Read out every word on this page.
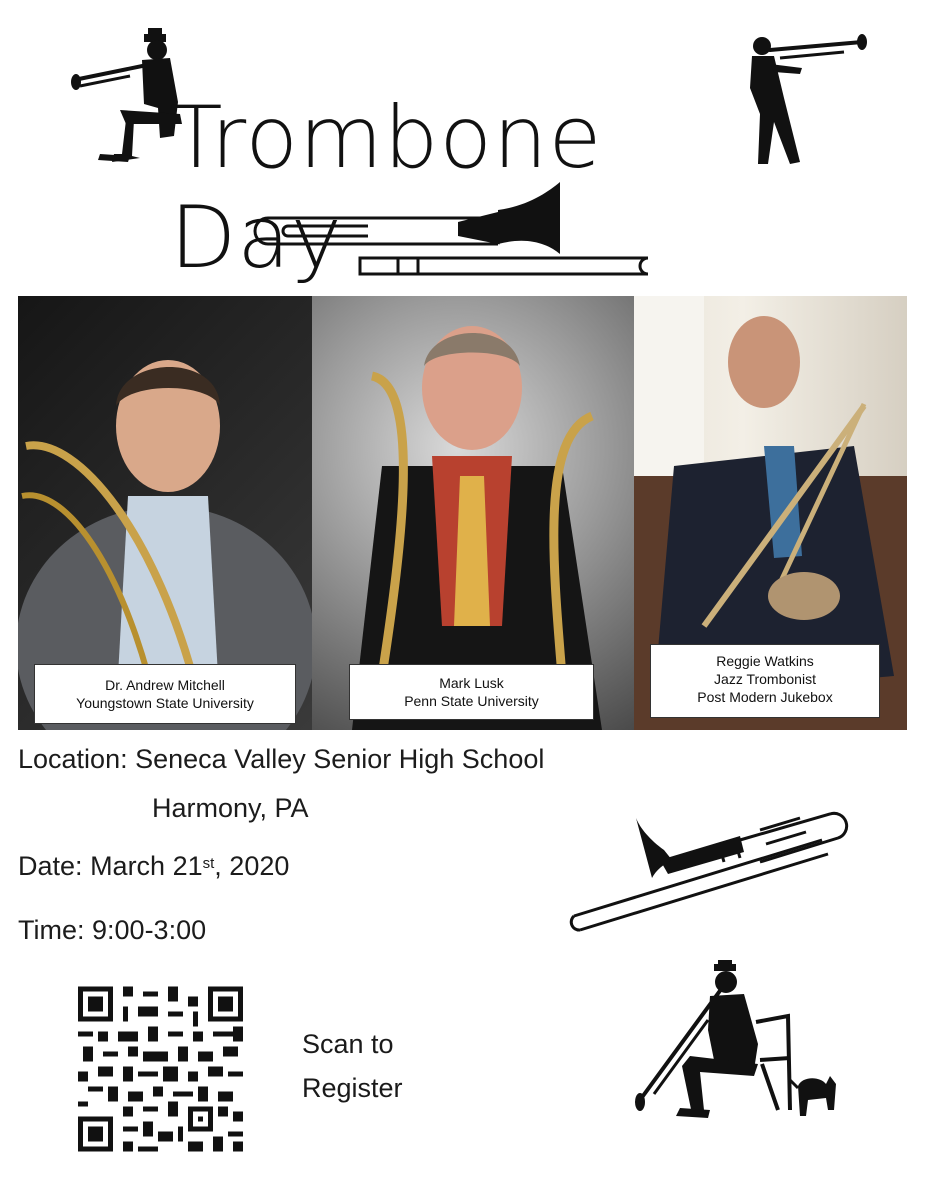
Trombone Day
Dr. Andrew Mitchell
Youngstown State University
Mark Lusk
Penn State University
Reggie Watkins
Jazz Trombonist
Post Modern Jukebox
Location: Seneca Valley Senior High School
Harmony, PA
Date: March 21st, 2020
Time: 9:00-3:00
Scan to
Register
